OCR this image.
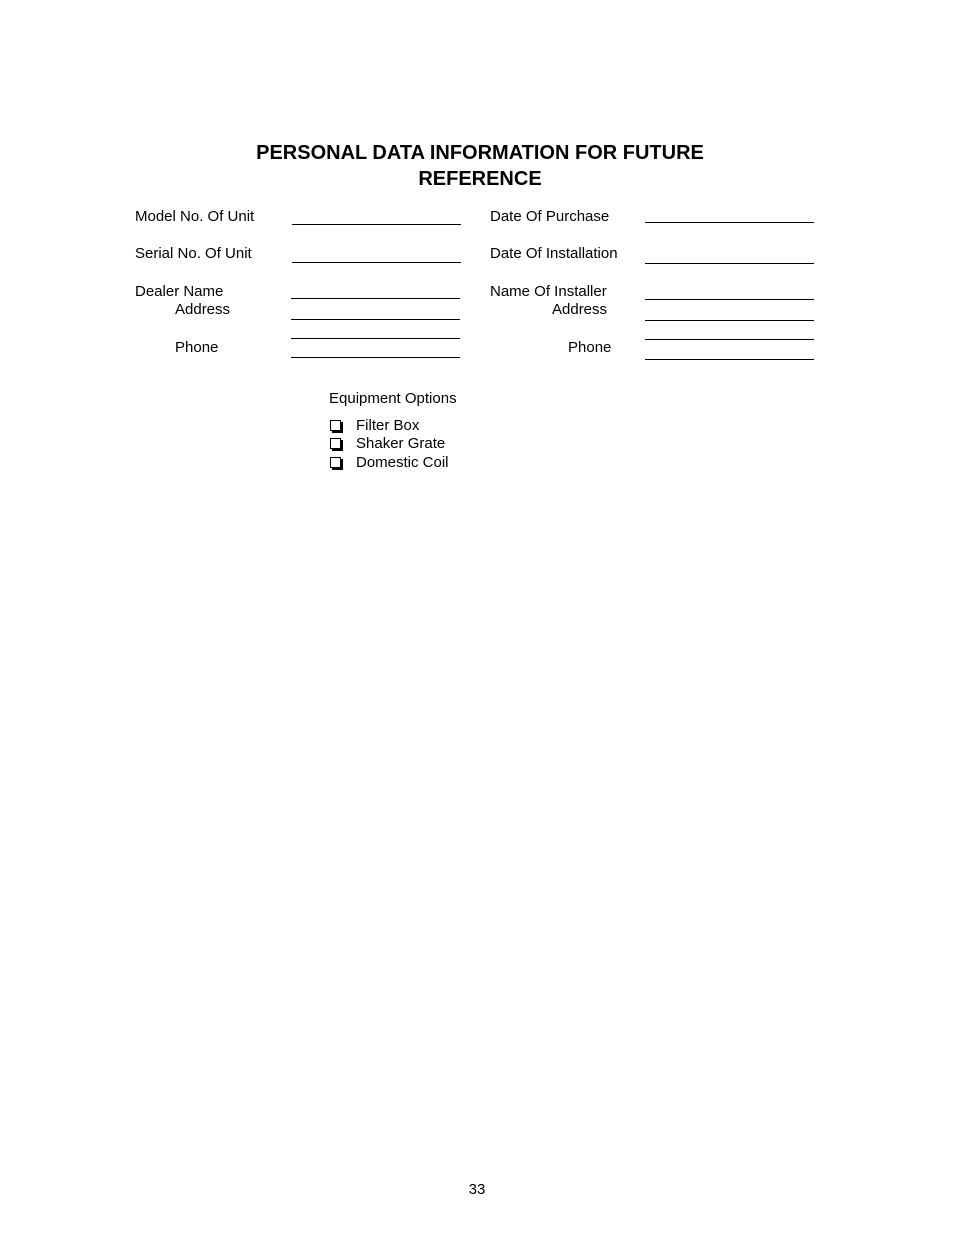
PERSONAL DATA INFORMATION FOR FUTURE
REFERENCE
Model No. Of Unit
Serial No. Of Unit
Dealer Name
Address
Phone
Date Of Purchase
Date Of Installation
Name Of Installer
Address
Phone
Equipment Options
Filter Box
Shaker Grate
Domestic Coil
33
